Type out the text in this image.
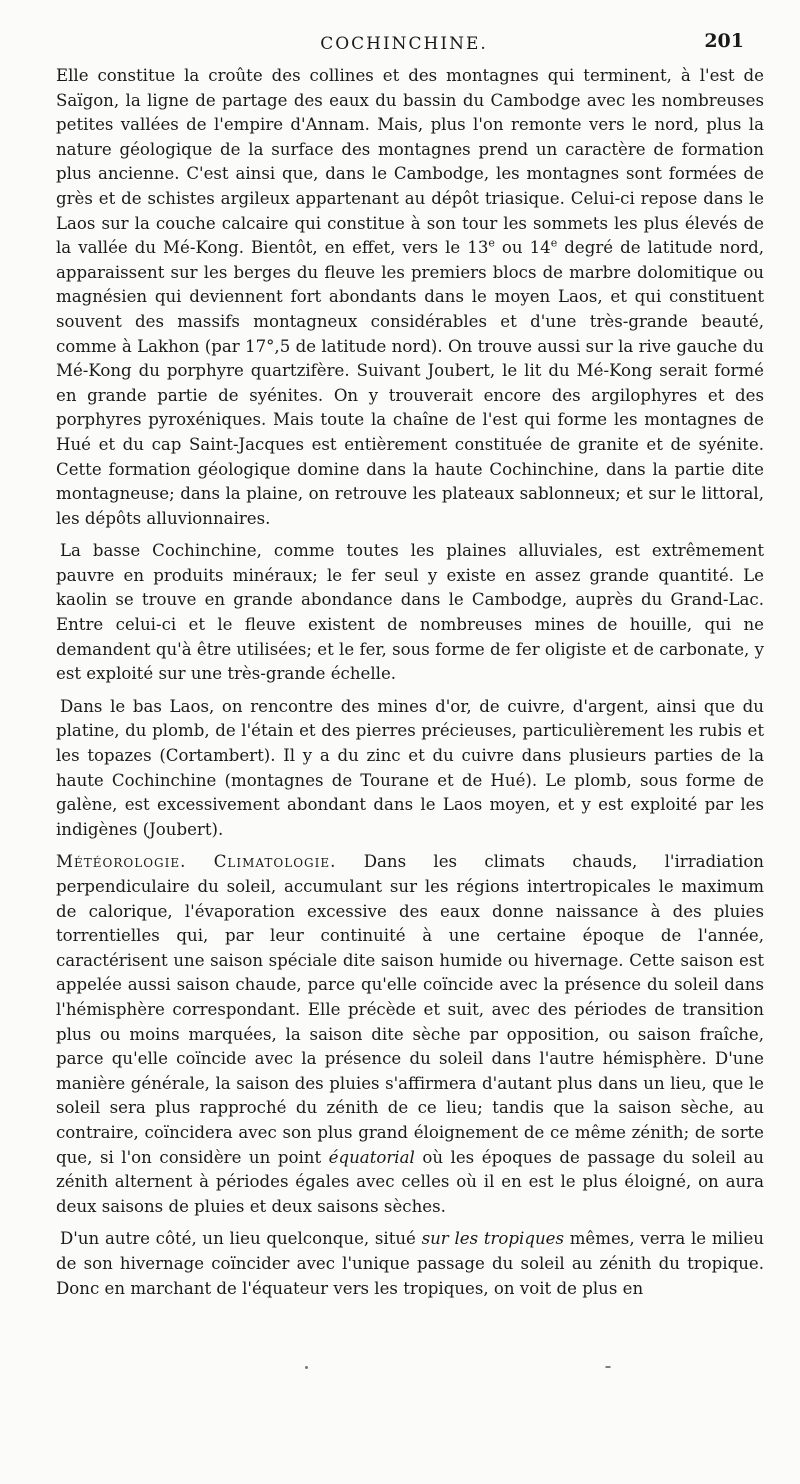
COCHINCHINE.	201

Elle constitue la croûte des collines et des montagnes qui terminent, à l'est de Saïgon, la ligne de partage des eaux du bassin du Cambodge avec les nombreuses petites vallées de l'empire d'Annam. Mais, plus l'on remonte vers le nord, plus la nature géologique de la surface des montagnes prend un caractère de formation plus ancienne. C'est ainsi que, dans le Cambodge, les montagnes sont formées de grès et de schistes argileux appartenant au dépôt triasique. Celui-ci repose dans le Laos sur la couche calcaire qui constitue à son tour les sommets les plus élevés de la vallée du Mé-Kong. Bientôt, en effet, vers le 13e ou 14e degré de latitude nord, apparaissent sur les berges du fleuve les premiers blocs de marbre dolomitique ou magnésien qui deviennent fort abondants dans le moyen Laos, et qui constituent souvent des massifs montagneux considérables et d'une très-grande beauté, comme à Lakhon (par 17°,5 de latitude nord). On trouve aussi sur la rive gauche du Mé-Kong du porphyre quartzifère. Suivant Joubert, le lit du Mé-Kong serait formé en grande partie de syénites. On y trouverait encore des argilophyres et des porphyres pyroxéniques. Mais toute la chaîne de l'est qui forme les montagnes de Hué et du cap Saint-Jacques est entièrement constituée de granite et de syénite. Cette formation géologique domine dans la haute Cochinchine, dans la partie dite montagneuse; dans la plaine, on retrouve les plateaux sablonneux; et sur le littoral, les dépôts alluvionnaires.

La basse Cochinchine, comme toutes les plaines alluviales, est extrêmement pauvre en produits minéraux; le fer seul y existe en assez grande quantité. Le kaolin se trouve en grande abondance dans le Cambodge, auprès du Grand-Lac. Entre celui-ci et le fleuve existent de nombreuses mines de houille, qui ne demandent qu'à être utilisées; et le fer, sous forme de fer oligiste et de carbonate, y est exploité sur une très-grande échelle.

Dans le bas Laos, on rencontre des mines d'or, de cuivre, d'argent, ainsi que du platine, du plomb, de l'étain et des pierres précieuses, particulièrement les rubis et les topazes (Cortambert). Il y a du zinc et du cuivre dans plusieurs parties de la haute Cochinchine (montagnes de Tourane et de Hué). Le plomb, sous forme de galène, est excessivement abondant dans le Laos moyen, et y est exploité par les indigènes (Joubert).

Météorologie. Climatologie. Dans les climats chauds, l'irradiation perpendiculaire du soleil, accumulant sur les régions intertropicales le maximum de calorique, l'évaporation excessive des eaux donne naissance à des pluies torrentielles qui, par leur continuité à une certaine époque de l'année, caractérisent une saison spéciale dite saison humide ou hivernage. Cette saison est appelée aussi saison chaude, parce qu'elle coïncide avec la présence du soleil dans l'hémisphère correspondant. Elle précède et suit, avec des périodes de transition plus ou moins marquées, la saison dite sèche par opposition, ou saison fraîche, parce qu'elle coïncide avec la présence du soleil dans l'autre hémisphère. D'une manière générale, la saison des pluies s'affirmera d'autant plus dans un lieu, que le soleil sera plus rapproché du zénith de ce lieu; tandis que la saison sèche, au contraire, coïncidera avec son plus grand éloignement de ce même zénith; de sorte que, si l'on considère un point équatorial où les époques de passage du soleil au zénith alternent à périodes égales avec celles où il en est le plus éloigné, on aura deux saisons de pluies et deux saisons sèches.

D'un autre côté, un lieu quelconque, situé sur les tropiques mêmes, verra le milieu de son hivernage coïncider avec l'unique passage du soleil au zénith du tropique. Donc en marchant de l'équateur vers les tropiques, on voit de plus en
